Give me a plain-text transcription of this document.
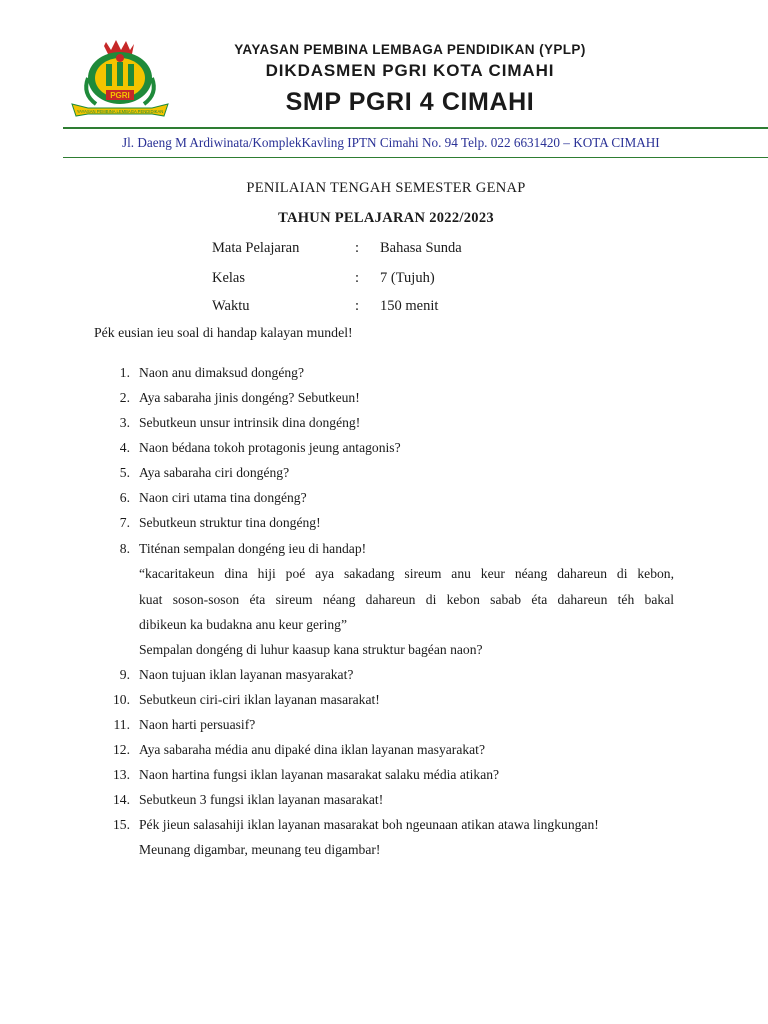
PGRI
YAYASAN PEMBINA LEMBAGA PENDIDIKAN
YAYASAN PEMBINA LEMBAGA PENDIDIKAN (YPLP)
DIKDASMEN PGRI KOTA CIMAHI
SMP PGRI 4 CIMAHI
Jl. Daeng M Ardiwinata/KomplekKavling IPTN Cimahi No. 94 Telp. 022 6631420 – KOTA CIMAHI
PENILAIAN TENGAH SEMESTER GENAP
TAHUN PELAJARAN 2022/2023
Mata Pelajaran	: Bahasa Sunda
Kelas	: 7 (Tujuh)
Waktu	: 150 menit
Pék eusian ieu soal di handap kalayan mundel!
1. Naon anu dimaksud dongéng?
2. Aya sabaraha jinis dongéng? Sebutkeun!
3. Sebutkeun unsur intrinsik dina dongéng!
4. Naon bédana tokoh protagonis jeung antagonis?
5. Aya sabaraha ciri dongéng?
6. Naon ciri utama tina dongéng?
7. Sebutkeun struktur tina dongéng!
8. Titénan sempalan dongéng ieu di handap!
“kacaritakeun dina hiji poé aya sakadang sireum anu keur néang dahareun di kebon,
kuat soson-soson éta sireum néang dahareun di kebon sabab éta dahareun téh bakal
dibikeun ka budakna anu keur gering”
Sempalan dongéng di luhur kaasup kana struktur bagéan naon?
9. Naon tujuan iklan layanan masyarakat?
10. Sebutkeun ciri-ciri iklan layanan masarakat!
11. Naon harti persuasif?
12. Aya sabaraha média anu dipaké dina iklan layanan masyarakat?
13. Naon hartina fungsi iklan layanan masarakat salaku média atikan?
14. Sebutkeun 3 fungsi iklan layanan masarakat!
15. Pék jieun salasahiji iklan layanan masarakat boh ngeunaan atikan atawa lingkungan!
Meunang digambar, meunang teu digambar!
